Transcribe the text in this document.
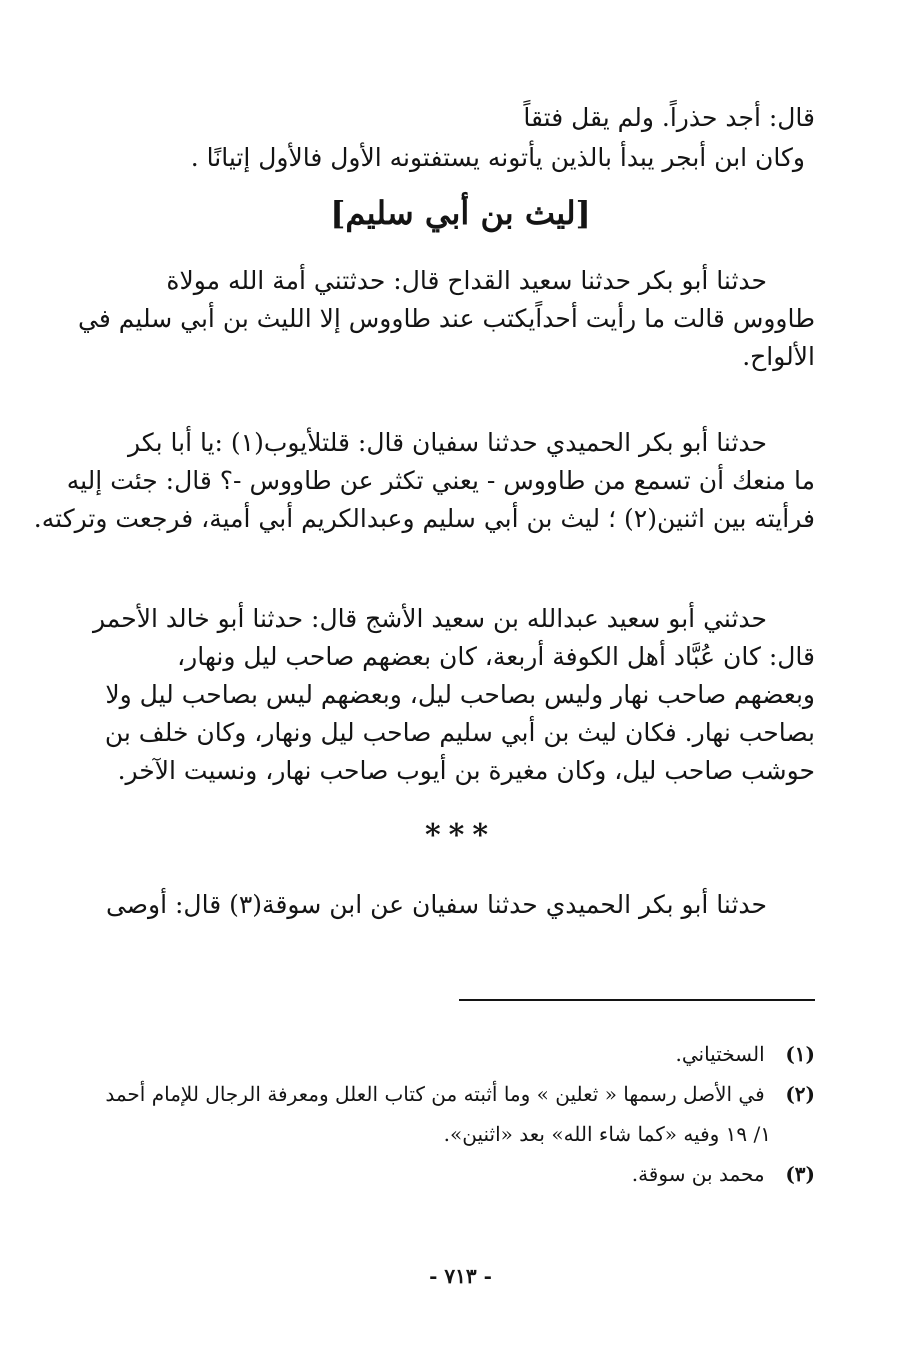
قال: أجد حذراً. ولم يقل فتقاً
وكان ابن أبجر يبدأ بالذين يأتونه يستفتونه الأول فالأول إتيانًا .
[ليث بن أبي سليم]
حدثنا أبو بكر حدثنا سعيد القداح قال: حدثتني أمة الله مولاة
طاووس قالت ما رأيت أحداًيكتب عند طاووس إلا الليث بن أبي سليم في
الألواح.
حدثنا أبو بكر الحميدي حدثنا سفيان قال: قلتلأيوب(١) :يا أبا بكر
ما منعك أن تسمع من طاووس - يعني تكثر عن طاووس -؟ قال: جئت إليه
فرأيته بين اثنين(٢) ؛ ليث بن أبي سليم وعبدالكريم أبي أمية، فرجعت وتركته.
حدثني أبو سعيد عبدالله بن سعيد الأشج قال: حدثنا أبو خالد الأحمر
قال: كان عُبَّاد أهل الكوفة أربعة، كان بعضهم صاحب ليل ونهار،
وبعضهم صاحب نهار وليس بصاحب ليل، وبعضهم ليس بصاحب ليل ولا
بصاحب نهار. فكان ليث بن أبي سليم صاحب ليل ونهار، وكان خلف بن
حوشب صاحب ليل، وكان مغيرة بن أيوب صاحب نهار، ونسيت الآخر.
***
حدثنا أبو بكر الحميدي حدثنا سفيان عن ابن سوقة(٣) قال: أوصى
(١) السختياني.
(٢) في الأصل رسمها « ثعلين » وما أثبته من كتاب العلل ومعرفة الرجال للإمام أحمد
١/ ١٩ وفيه «كما شاء الله» بعد «اثنين».
(٣) محمد بن سوقة.
- ٧١٣ -
